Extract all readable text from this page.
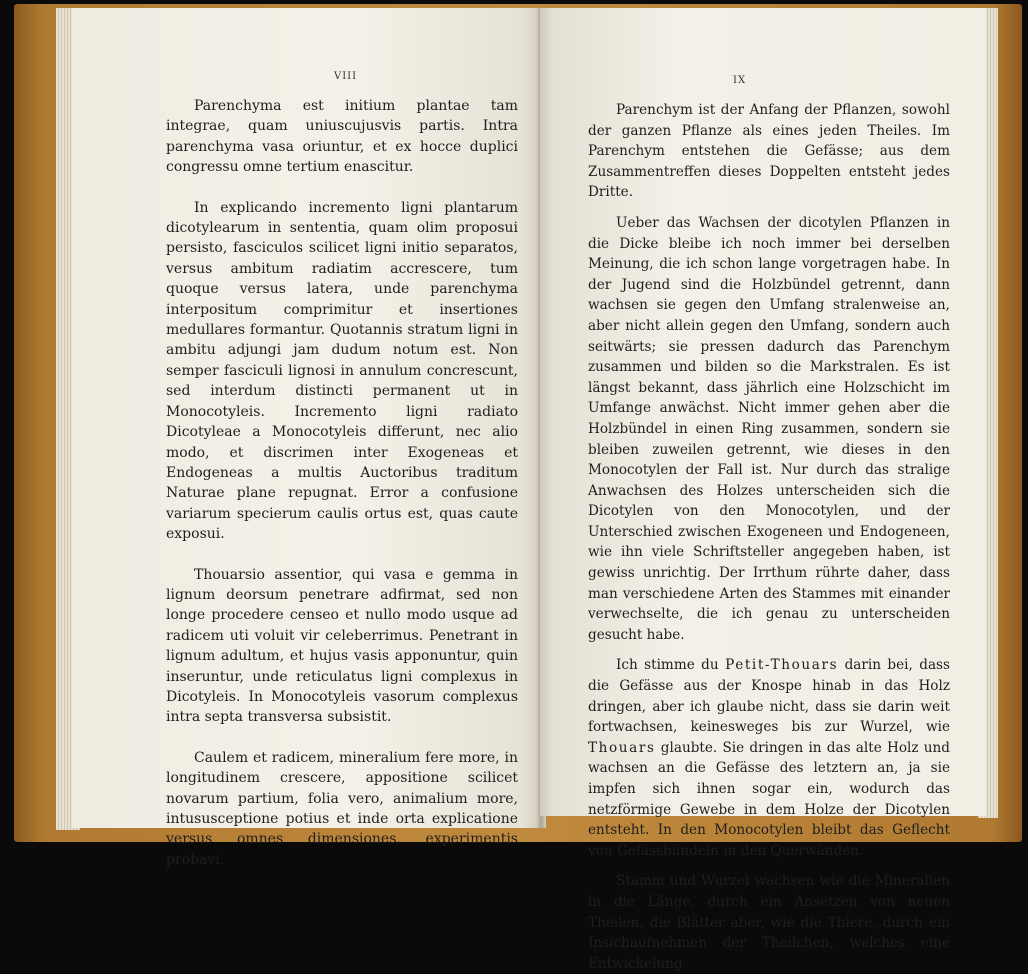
VIII

Parenchyma est initium plantae tam integrae, quam uniuscujusvis partis. Intra parenchyma vasa oriuntur, et ex hocce duplici congressu omne tertium enascitur.

In explicando incremento ligni plantarum dicotylearum in sententia, quam olim proposui persisto, fasciculos scilicet ligni initio separatos, versus ambitum radiatim accrescere, tum quoque versus latera, unde parenchyma interpositum comprimitur et insertiones medullares formantur. Quotannis stratum ligni in ambitu adjungi jam dudum notum est. Non semper fasciculi lignosi in annulum concrescunt, sed interdum distincti permanent ut in Monocotyleis. Incremento ligni radiato Dicotyleae a Monocotyleis differunt, nec alio modo, et discrimen inter Exogeneas et Endogeneas a multis Auctoribus traditum Naturae plane repugnat. Error a confusione variarum specierum caulis ortus est, quas caute exposui.

Thouarsio assentior, qui vasa e gemma in lignum deorsum penetrare adfirmat, sed non longe procedere censeo et nullo modo usque ad radicem uti voluit vir celeberrimus. Penetrant in lignum adultum, et hujus vasis apponuntur, quin inseruntur, unde reticulatus ligni complexus in Dicotyleis. In Monocotyleis vasorum complexus intra septa transversa subsistit.

Caulem et radicem, mineralium fere more, in longitudinem crescere, appositione scilicet novarum partium, folia vero, animalium more, intususceptione potius et inde orta explicatione versus omnes dimensiones, experimentis probavi.

IX

Parenchym ist der Anfang der Pflanzen, sowohl der ganzen Pflanze als eines jeden Theiles. Im Parenchym entstehen die Gefässe; aus dem Zusammentreffen dieses Doppelten entsteht jedes Dritte.

Ueber das Wachsen der dicotylen Pflanzen in die Dicke bleibe ich noch immer bei derselben Meinung, die ich schon lange vorgetragen habe. In der Jugend sind die Holzbündel getrennt, dann wachsen sie gegen den Umfang stralenweise an, aber nicht allein gegen den Umfang, sondern auch seitwärts; sie pressen dadurch das Parenchym zusammen und bilden so die Markstralen. Es ist längst bekannt, dass jährlich eine Holzschicht im Umfange anwächst. Nicht immer gehen aber die Holzbündel in einen Ring zusammen, sondern sie bleiben zuweilen getrennt, wie dieses in den Monocotylen der Fall ist. Nur durch das stralige Anwachsen des Holzes unterscheiden sich die Dicotylen von den Monocotylen, und der Unterschied zwischen Exogeneen und Endogeneen, wie ihn viele Schriftsteller angegeben haben, ist gewiss unrichtig. Der Irrthum rührte daher, dass man verschiedene Arten des Stammes mit einander verwechselte, die ich genau zu unterscheiden gesucht habe.

Ich stimme du Petit-Thouars darin bei, dass die Gefässe aus der Knospe hinab in das Holz dringen, aber ich glaube nicht, dass sie darin weit fortwachsen, keinesweges bis zur Wurzel, wie Thouars glaubte. Sie dringen in das alte Holz und wachsen an die Gefässe des letztern an, ja sie impfen sich ihnen sogar ein, wodurch das netzförmige Gewebe in dem Holze der Dicotylen entsteht. In den Monocotylen bleibt das Geflecht von Gefässbündeln in den Querwänden.

Stamm und Wurzel wachsen wie die Mineralien in die Länge, durch ein Ansetzen von neuen Theilen, die Blätter aber, wie die Thiere, durch ein Insichaufnehmen der Theilchen, welches eine Entwickelung
